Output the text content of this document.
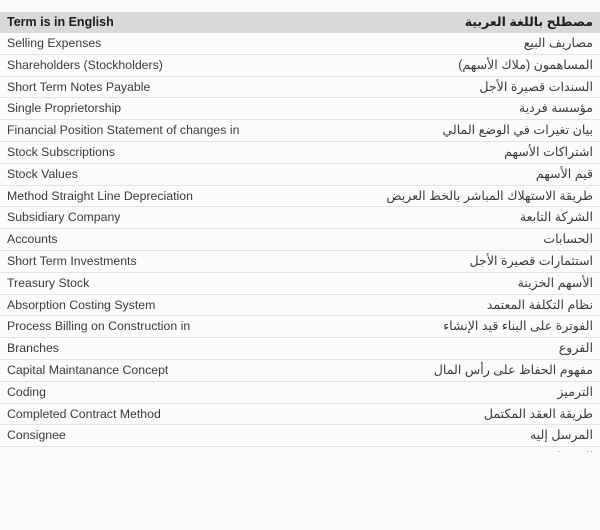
Term is in English	مصطلح باللغة العربية
Selling Expenses	مصاريف البيع
Shareholders (Stockholders)	المساهمون (ملاك الأسهم)
Short Term Notes Payable	السندات قصيرة الأجل
Single Proprietorship	مؤسسة فردية
Financial Position Statement of changes in	بيان تغيرات في الوضع المالي
Stock Subscriptions	اشتراكات الأسهم
Stock Values	قيم الأسهم
Method Straight Line Depreciation	طريقة الاستهلاك المباشر بالخط العريض
Subsidiary Company	الشركة التابعة
Accounts	الحسابات
Short Term Investments	استثمارات قصيرة الأجل
Treasury Stock	الأسهم الخزينة
Absorption Costing System	نظام التكلفة المعتمد
Process Billing on Construction in	الفوترة على البناء قيد الإنشاء
Branches	الفروع
Capital Maintanance Concept	مفهوم الحفاظ على رأس المال
Coding	الترميز
Completed Contract Method	طريقة العقد المكتمل
Consignee	المرسل إليه
